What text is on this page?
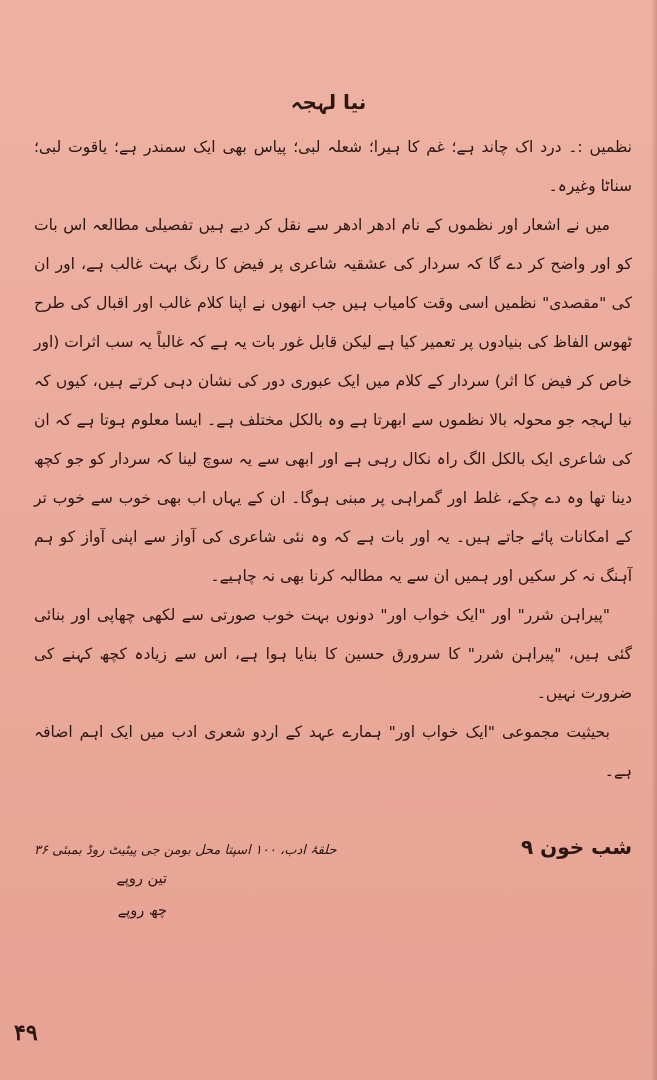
نیا لہجہ

نظمیں :۔ درد اک چاند ہے؛ غم کا ہیرا؛ شعلہ لبی؛ پیاس بھی ایک سمندر ہے؛ یاقوت لبی؛ سناٹا وغیرہ۔

میں نے اشعار اور نظموں کے نام ادھر ادھر سے نقل کر دیے ہیں تفصیلی مطالعہ اس بات کو اور واضح کر دے گا کہ سردار کی عشقیہ شاعری پر فیض کا رنگ بہت غالب ہے، اور ان کی "مقصدی" نظمیں اسی وقت کامیاب ہیں جب انھوں نے اپنا کلام غالب اور اقبال کی طرح ٹھوس الفاظ کی بنیادوں پر تعمیر کیا ہے لیکن قابل غور بات یہ ہے کہ غالباً یہ سب اثرات (اور خاص کر فیض کا اثر) سردار کے کلام میں ایک عبوری دور کی نشان دہی کرتے ہیں، کیوں کہ نیا لہجہ جو محولہ بالا نظموں سے ابھرتا ہے وہ بالکل مختلف ہے۔ ایسا معلوم ہوتا ہے کہ ان کی شاعری ایک بالکل الگ راہ نکال رہی ہے اور ابھی سے یہ سوچ لینا کہ سردار کو جو کچھ دینا تھا وہ دے چکے، غلط اور گمراہی پر مبنی ہوگا۔ ان کے یہاں اب بھی خوب سے خوب تر کے امکانات پائے جاتے ہیں۔ یہ اور بات ہے کہ وہ نئی شاعری کی آواز سے اپنی آواز کو ہم آہنگ نہ کر سکیں اور ہمیں ان سے یہ مطالبہ کرنا بھی نہ چاہیے۔

"پیراہن شرر" اور "ایک خواب اور" دونوں بہت خوب صورتی سے لکھی چھاپی اور بنائی گئی ہیں، "پیراہن شرر" کا سرورق حسین کا بنایا ہوا ہے، اس سے زیادہ کچھ کہنے کی ضرورت نہیں۔

بحیثیت مجموعی "ایک خواب اور" ہمارے عہد کے اردو شعری ادب میں ایک اہم اضافہ ہے۔

شب خون ۹
حلقۂ ادب، ۱۰۰ اسپتا محل بومن جی پیٹیٹ روڈ بمبئی ۳۶
تین روپے
چھ روپے
۴۹
